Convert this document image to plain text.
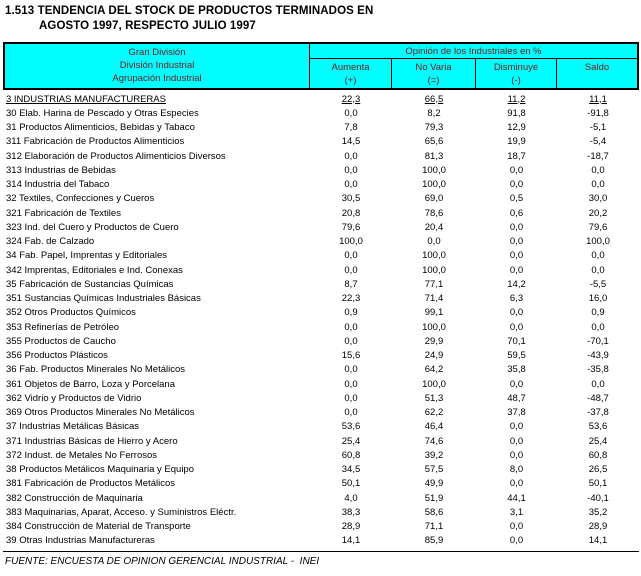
1.513 TENDENCIA DEL STOCK DE PRODUCTOS TERMINADOS EN
AGOSTO 1997, RESPECTO JULIO 1997
Gran División
División Industrial
Agrupación Industrial
Opinión de los Industriales en %
Aumenta
(+)
No Varia
(=)
Disminuye
(-)
Saldo
3 INDUSTRIAS MANUFACTURERAS	22,3	66,5	11,2	11,1
30 Elab. Harina de Pescado y Otras Especies	0,0	8,2	91,8	-91,8
31 Productos Alimenticios, Bebidas y Tabaco	7,8	79,3	12,9	-5,1
311 Fabricación de Productos Alimenticios	14,5	65,6	19,9	-5,4
312 Elaboración de Productos Alimenticios Diversos	0,0	81,3	18,7	-18,7
313 Industrias de Bebidas	0,0	100,0	0,0	0,0
314 Industria del Tabaco	0,0	100,0	0,0	0,0
32 Textiles, Confecciones y Cueros	30,5	69,0	0,5	30,0
321 Fabricación de Textiles	20,8	78,6	0,6	20,2
323 Ind. del Cuero y Productos de Cuero	79,6	20,4	0,0	79,6
324 Fab. de Calzado	100,0	0,0	0,0	100,0
34 Fab. Papel, Imprentas y Editoriales	0,0	100,0	0,0	0,0
342 Imprentas, Editoriales e Ind. Conexas	0,0	100,0	0,0	0,0
35 Fabricación de Sustancias Químicas	8,7	77,1	14,2	-5,5
351 Sustancias Químicas Industriales Básicas	22,3	71,4	6,3	16,0
352 Otros Productos Químicos	0,9	99,1	0,0	0,9
353 Refinerías de Petróleo	0,0	100,0	0,0	0,0
355 Productos de Caucho	0,0	29,9	70,1	-70,1
356 Productos Plásticos	15,6	24,9	59,5	-43,9
36 Fab. Productos Minerales No Metálicos	0,0	64,2	35,8	-35,8
361 Objetos de Barro, Loza y Porcelana	0,0	100,0	0,0	0,0
362 Vidrio y Productos de Vidrio	0,0	51,3	48,7	-48,7
369 Otros Productos Minerales No Metálicos	0,0	62,2	37,8	-37,8
37 Industrias Metálicas Básicas	53,6	46,4	0,0	53,6
371 Industrias Básicas de Hierro y Acero	25,4	74,6	0,0	25,4
372 Indust. de Metales No Ferrosos	60,8	39,2	0,0	60,8
38 Productos Metálicos Maquinaria y Equipo	34,5	57,5	8,0	26,5
381 Fabricación de Productos Metálicos	50,1	49,9	0,0	50,1
382 Construcción de Maquinaria	4,0	51,9	44,1	-40,1
383 Maquinarias, Aparat, Acceso. y Suministros Eléctr.	38,3	58,6	3,1	35,2
384 Construcción de Material de Transporte	28,9	71,1	0,0	28,9
39 Otras Industrias Manufactureras	14,1	85,9	0,0	14,1
FUENTE: ENCUESTA DE OPINION GERENCIAL INDUSTRIAL -  INEI
